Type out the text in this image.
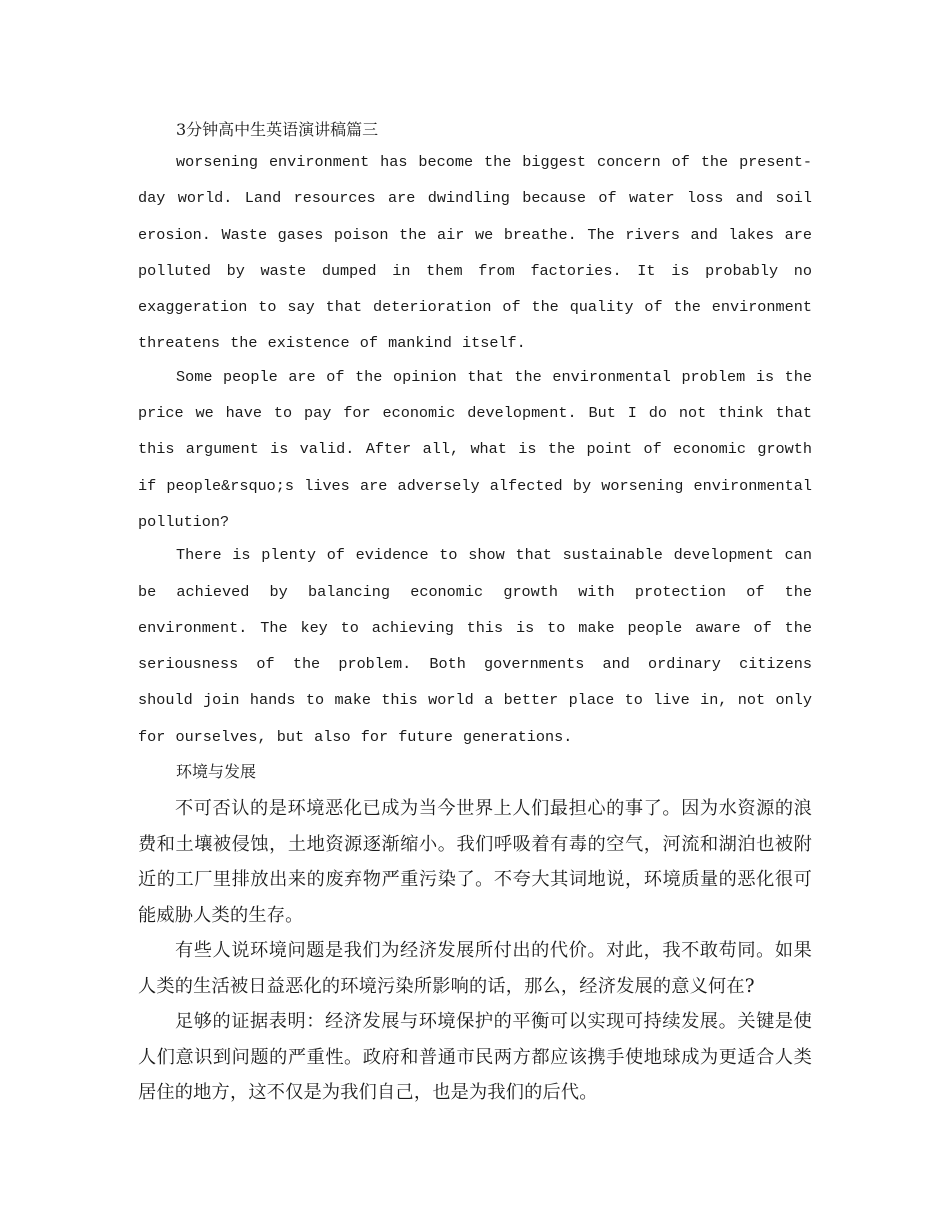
3分钟高中生英语演讲稿篇三

worsening environment has become the biggest concern of the present-day world. Land resources are dwindling because of water loss and soil erosion. Waste gases poison the air we breathe. The rivers and lakes are polluted by waste dumped in them from factories. It is probably no exaggeration to say that deterioration of the quality of the environment threatens the existence of mankind itself.

Some people are of the opinion that the environmental problem is the price we have to pay for economic development. But I do not think that this argument is valid. After all, what is the point of economic growth if people&rsquo;s lives are adversely alfected by worsening environmental pollution?

There is plenty of evidence to show that sustainable development can be achieved by balancing economic growth with protection of the environment. The key to achieving this is to make people aware of the seriousness of the problem. Both governments and ordinary citizens should join hands to make this world a better place to live in, not only for ourselves, but also for future generations.

环境与发展

不可否认的是环境恶化已成为当今世界上人们最担心的事了。因为水资源的浪费和土壤被侵蚀，土地资源逐渐缩小。我们呼吸着有毒的空气，河流和湖泊也被附近的工厂里排放出来的废弃物严重污染了。不夸大其词地说，环境质量的恶化很可能威胁人类的生存。

有些人说环境问题是我们为经济发展所付出的代价。对此，我不敢苟同。如果人类的生活被日益恶化的环境污染所影响的话，那么，经济发展的意义何在?

足够的证据表明：经济发展与环境保护的平衡可以实现可持续发展。关键是使人们意识到问题的严重性。政府和普通市民两方都应该携手使地球成为更适合人类居住的地方，这不仅是为我们自己，也是为我们的后代。
